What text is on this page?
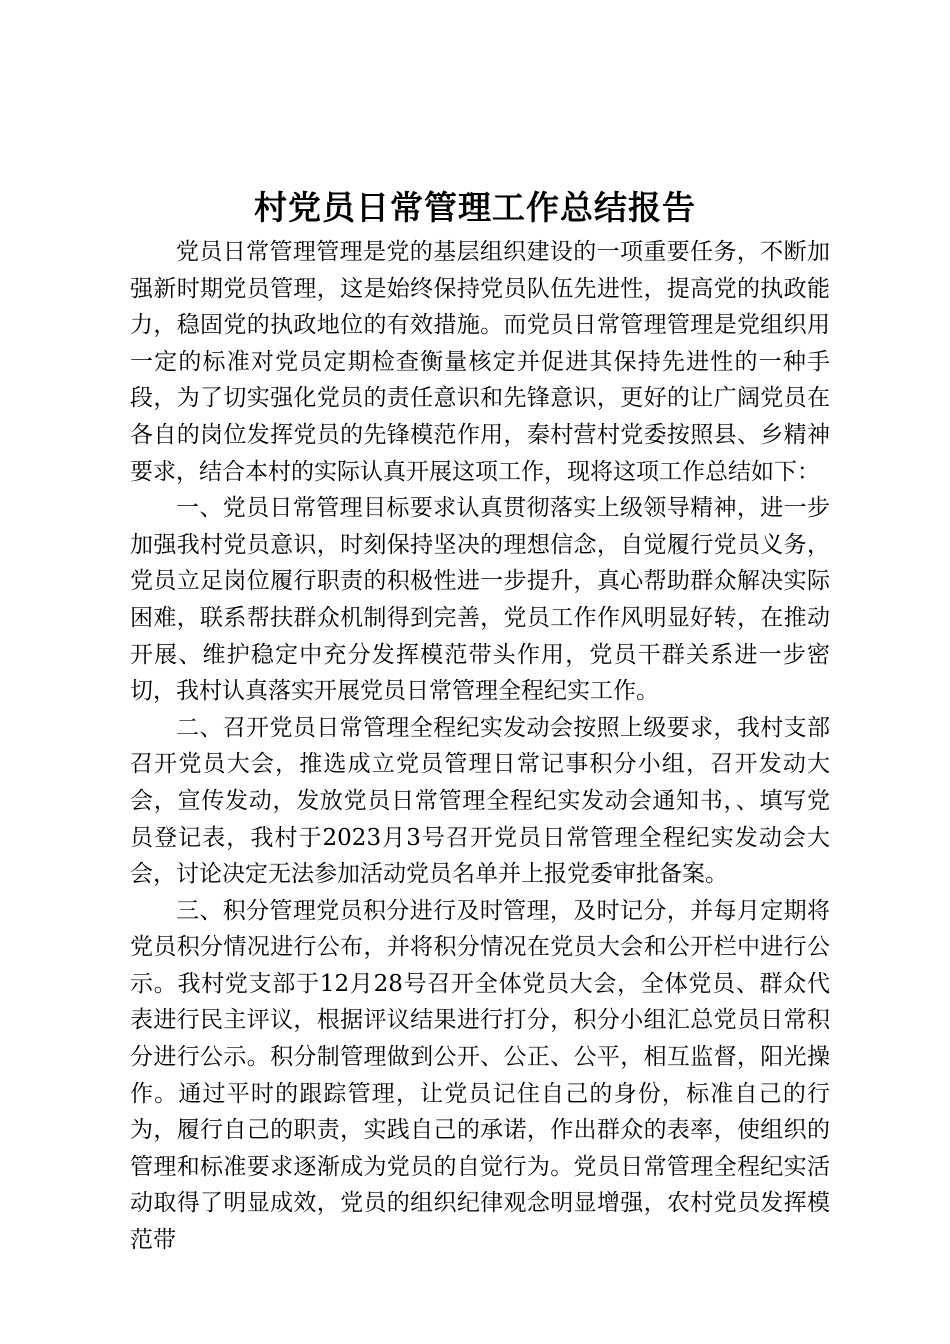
村党员日常管理工作总结报告

党员日常管理管理是党的基层组织建设的一项重要任务，不断加强新时期党员管理，这是始终保持党员队伍先进性，提高党的执政能力，稳固党的执政地位的有效措施。而党员日常管理管理是党组织用一定的标准对党员定期检查衡量核定并促进其保持先进性的一种手段，为了切实强化党员的责任意识和先锋意识，更好的让广阔党员在各自的岗位发挥党员的先锋模范作用，秦村营村党委按照县、乡精神要求，结合本村的实际认真开展这项工作，现将这项工作总结如下：

一、党员日常管理目标要求认真贯彻落实上级领导精神，进一步加强我村党员意识，时刻保持坚决的理想信念，自觉履行党员义务，党员立足岗位履行职责的积极性进一步提升，真心帮助群众解决实际困难，联系帮扶群众机制得到完善，党员工作作风明显好转，在推动开展、维护稳定中充分发挥模范带头作用，党员干群关系进一步密切，我村认真落实开展党员日常管理全程纪实工作。

二、召开党员日常管理全程纪实发动会按照上级要求，我村支部召开党员大会，推选成立党员管理日常记事积分小组，召开发动大会，宣传发动，发放党员日常管理全程纪实发动会通知书，、填写党员登记表，我村于2023月3号召开党员日常管理全程纪实发动会大会，讨论决定无法参加活动党员名单并上报党委审批备案。

三、积分管理党员积分进行及时管理，及时记分，并每月定期将党员积分情况进行公布，并将积分情况在党员大会和公开栏中进行公示。我村党支部于12月28号召开全体党员大会，全体党员、群众代表进行民主评议，根据评议结果进行打分，积分小组汇总党员日常积分进行公示。积分制管理做到公开、公正、公平，相互监督，阳光操作。通过平时的跟踪管理，让党员记住自己的身份，标准自己的行为，履行自己的职责，实践自己的承诺，作出群众的表率，使组织的管理和标准要求逐渐成为党员的自觉行为。党员日常管理全程纪实活动取得了明显成效，党员的组织纪律观念明显增强，农村党员发挥模范带
